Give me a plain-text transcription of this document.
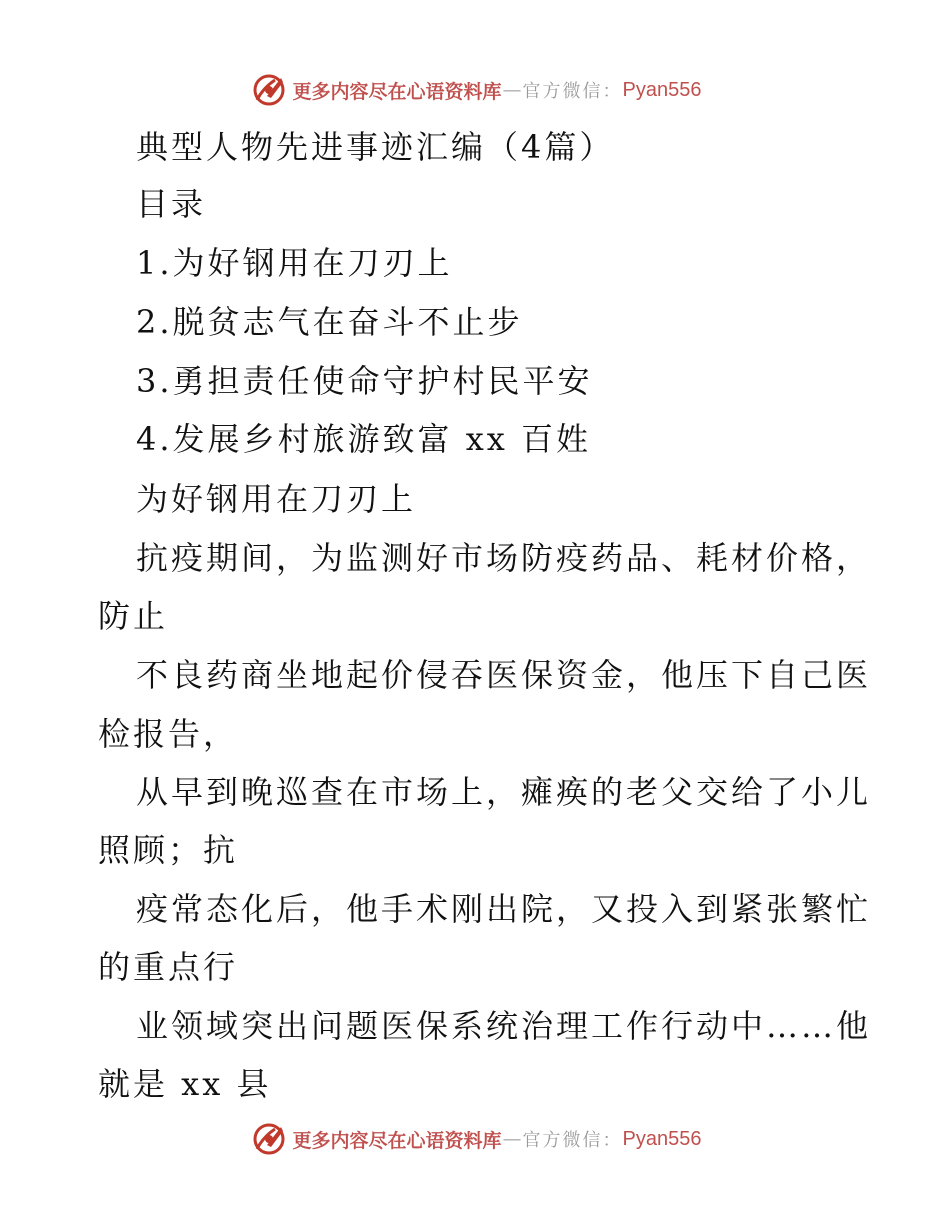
更多内容尽在心语资料库 — 官方微信： Pyan556
典型人物先进事迹汇编（4篇）
目录
1.为好钢用在刀刃上
2.脱贫志气在奋斗不止步
3.勇担责任使命守护村民平安
4.发展乡村旅游致富 xx 百姓
为好钢用在刀刃上
抗疫期间，为监测好市场防疫药品、耗材价格，
防止
不良药商坐地起价侵吞医保资金，他压下自己医
检报告，
从早到晚巡查在市场上，瘫痪的老父交给了小儿
照顾；抗
疫常态化后，他手术刚出院，又投入到紧张繁忙
的重点行
业领域突出问题医保系统治理工作行动中……他
就是 xx 县
更多内容尽在心语资料库 — 官方微信： Pyan556
